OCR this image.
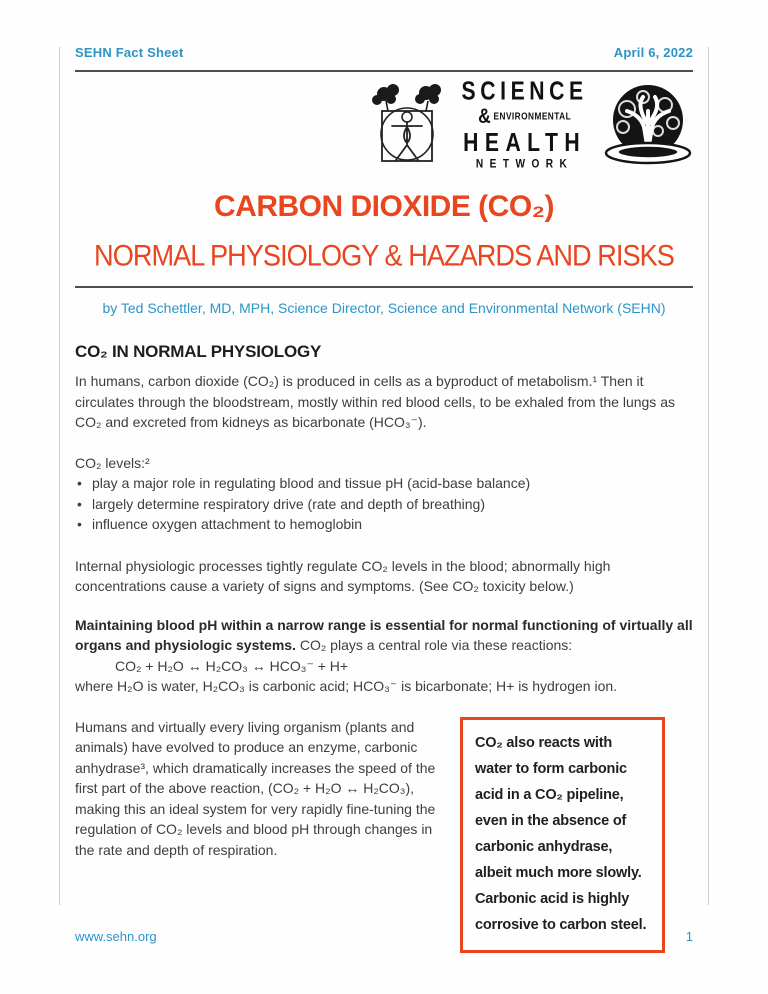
SEHN Fact Sheet	April 6, 2022
SCIENCE
& ENVIRONMENTAL
HEALTH
NETWORK
CARBON DIOXIDE (CO₂)
NORMAL PHYSIOLOGY & HAZARDS AND RISKS
by Ted Schettler, MD, MPH, Science Director, Science and Environmental Network (SEHN)
CO₂ IN NORMAL PHYSIOLOGY

In humans, carbon dioxide (CO₂) is produced in cells as a byproduct of metabolism.¹ Then it circulates through the bloodstream, mostly within red blood cells, to be exhaled from the lungs as CO₂ and excreted from kidneys as bicarbonate (HCO₃⁻).

CO₂ levels:²
• play a major role in regulating blood and tissue pH (acid-base balance)
• largely determine respiratory drive (rate and depth of breathing)
• influence oxygen attachment to hemoglobin

Internal physiologic processes tightly regulate CO₂ levels in the blood; abnormally high concentrations cause a variety of signs and symptoms. (See CO₂ toxicity below.)

Maintaining blood pH within a narrow range is essential for normal functioning of virtually all organs and physiologic systems. CO₂ plays a central role via these reactions:
CO₂ + H₂O ↔ H₂CO₃ ↔ HCO₃⁻ + H+
where H₂O is water, H₂CO₃ is carbonic acid; HCO₃⁻ is bicarbonate; H+ is hydrogen ion.

Humans and virtually every living organism (plants and animals) have evolved to produce an enzyme, carbonic anhydrase³, which dramatically increases the speed of the first part of the above reaction, (CO₂ + H₂O ↔ H₂CO₃), making this an ideal system for very rapidly fine-tuning the regulation of CO₂ levels and blood pH through changes in the rate and depth of respiration.

CO₂ also reacts with water to form carbonic acid in a CO₂ pipeline, even in the absence of carbonic anhydrase, albeit much more slowly. Carbonic acid is highly corrosive to carbon steel.
www.sehn.org	1
